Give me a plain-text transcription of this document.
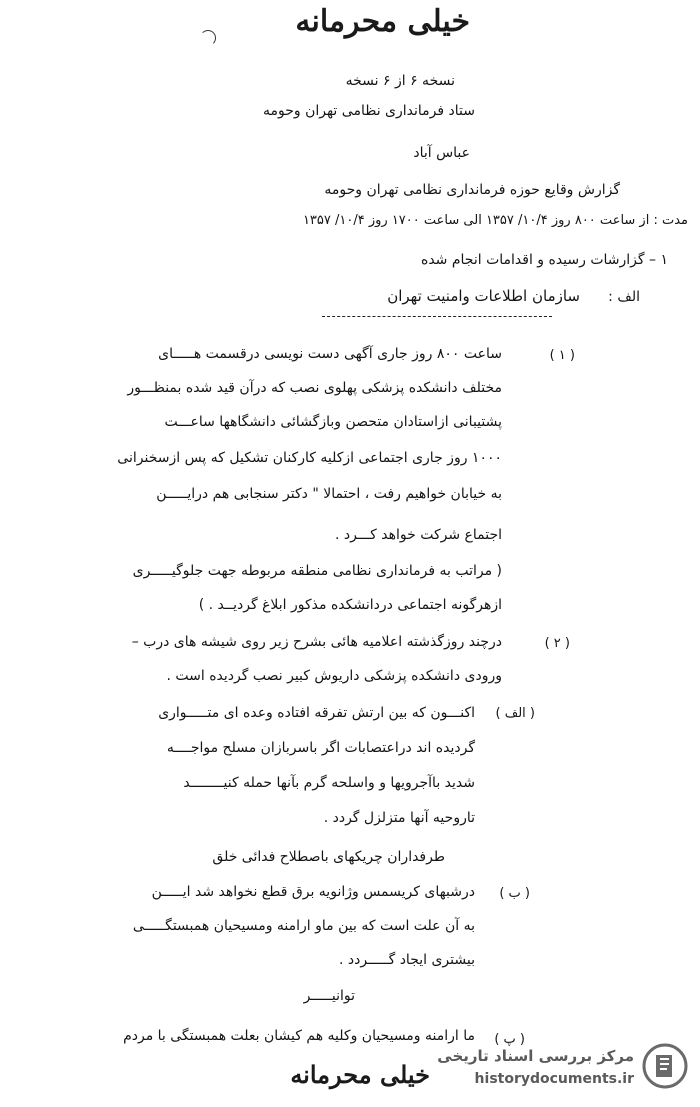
خیلی محرمانه
نسخه ۶ از ۶ نسخه
ستاد فرمانداری نظامی تهران وحومه
عباس آباد
گزارش وقایع حوزه فرمانداری نظامی تهران وحومه
مدت : از ساعت ۸۰۰ روز ۱۰/۴/ ۱۳۵۷ الی ساعت ۱۷۰۰ روز ۱۰/۴/ ۱۳۵۷
۱ – گزارشات رسیده و اقدامات انجام شده
الف :
سازمان اطلاعات وامنیت تهران
( ۱ )
ساعت ۸۰۰ روز جاری آگهی دست نویسی درقسمت هـــــای
مختلف دانشکده پزشکی پهلوی نصب که درآن قید شده بمنظـــور
پشتیبانی ازاستادان متحصن وبازگشائی دانشگاهها ساعـــت
۱۰۰۰ روز جاری اجتماعی ازکلیه کارکنان تشکیل که پس ازسخنرانی
به خیابان خواهیم رفت ، احتمالا " دکتر سنجابی هم درایـــــن
اجتماع شرکت خواهد کـــرد .
( مراتب به فرمانداری نظامی منطقه مربوطه جهت جلوگیـــــری
ازهرگونه اجتماعی دردانشکده مذکور ابلاغ گردیــد . )
( ۲ )
درچند روزگذشته اعلامیه هائی بشرح زیر روی شیشه های درب –
ورودی دانشکده پزشکی داریوش کبیر نصب گردیده است .
( الف )
اکنـــون که بین ارتش تفرقه افتاده وعده ای متـــــواری
گردیده اند دراعتصابات اگر باسربازان مسلح مواجــــه
شدید باآجرویها و واسلحه گرم بآنها حمله کنیــــــــد
تاروحیه آنها متزلزل گردد .
طرفداران چریکهای باصطلاح فدائی خلق
( ب )
درشبهای کریسمس وژانویه برق قطع نخواهد شد ایـــــن
به آن علت است که بین ماو ارامنه ومسیحیان همبستگـــــی
بیشتری ایجاد گـــــردد .
توانیـــــر
( پ )
ما ارامنه ومسیحیان وکلیه هم کیشان بعلت همبستگی با مردم
خیلی محرمانه
مرکز بررسی اسناد تاریخی
historydocuments.ir
